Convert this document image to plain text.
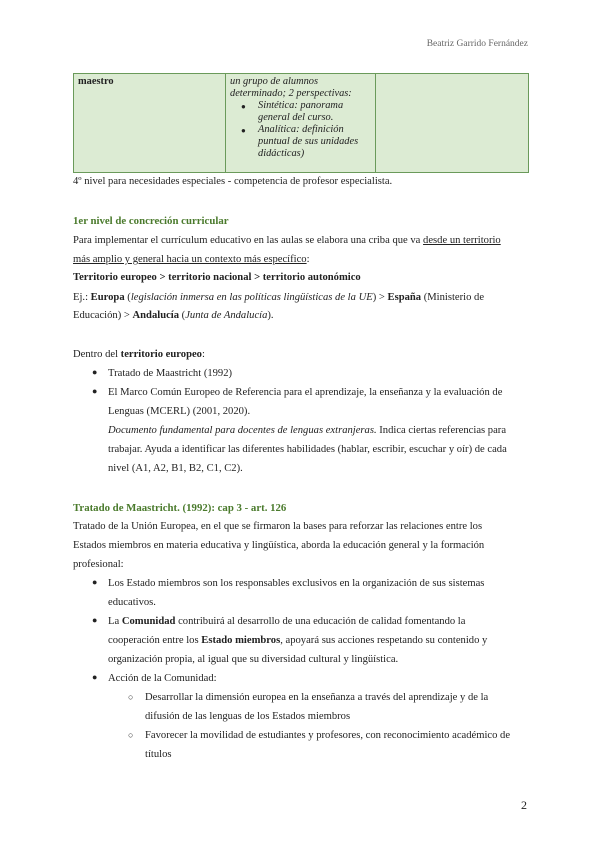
Beatriz Garrido Fernández
maestro	un grupo de alumnos determinado; 2 perspectivas:
● Sintética: panorama general del curso.
● Analítica: definición puntual de sus unidades didácticas)

4º nivel para necesidades especiales - competencia de profesor especialista.
1er nivel de concreción curricular
Para implementar el currículum educativo en las aulas se elabora una criba que va desde un territorio
más amplio y general hacia un contexto más específico:
Territorio europeo > territorio nacional > territorio autonómico
Ej.: Europa (legislación inmersa en las políticas lingüísticas de la UE) > España (Ministerio de
Educación) > Andalucía (Junta de Andalucía).
Dentro del territorio europeo:
● Tratado de Maastricht (1992)
● El Marco Común Europeo de Referencia para el aprendizaje, la enseñanza y la evaluación de
Lenguas (MCERL) (2001, 2020).
Documento fundamental para docentes de lenguas extranjeras. Indica ciertas referencias para
trabajar. Ayuda a identificar las diferentes habilidades (hablar, escribir, escuchar y oír) de cada
nivel (A1, A2, B1, B2, C1, C2).
Tratado de Maastricht. (1992): cap 3 - art. 126
Tratado de la Unión Europea, en el que se firmaron la bases para reforzar las relaciones entre los
Estados miembros en materia educativa y lingüística, aborda la educación general y la formación
profesional:
● Los Estado miembros son los responsables exclusivos en la organización de sus sistemas
educativos.
● La Comunidad contribuirá al desarrollo de una educación de calidad fomentando la
cooperación entre los Estado miembros, apoyará sus acciones respetando su contenido y
organización propia, al igual que su diversidad cultural y lingüística.
● Acción de la Comunidad:
○ Desarrollar la dimensión europea en la enseñanza a través del aprendizaje y de la
difusión de las lenguas de los Estados miembros
○ Favorecer la movilidad de estudiantes y profesores, con reconocimiento académico de
títulos
2
